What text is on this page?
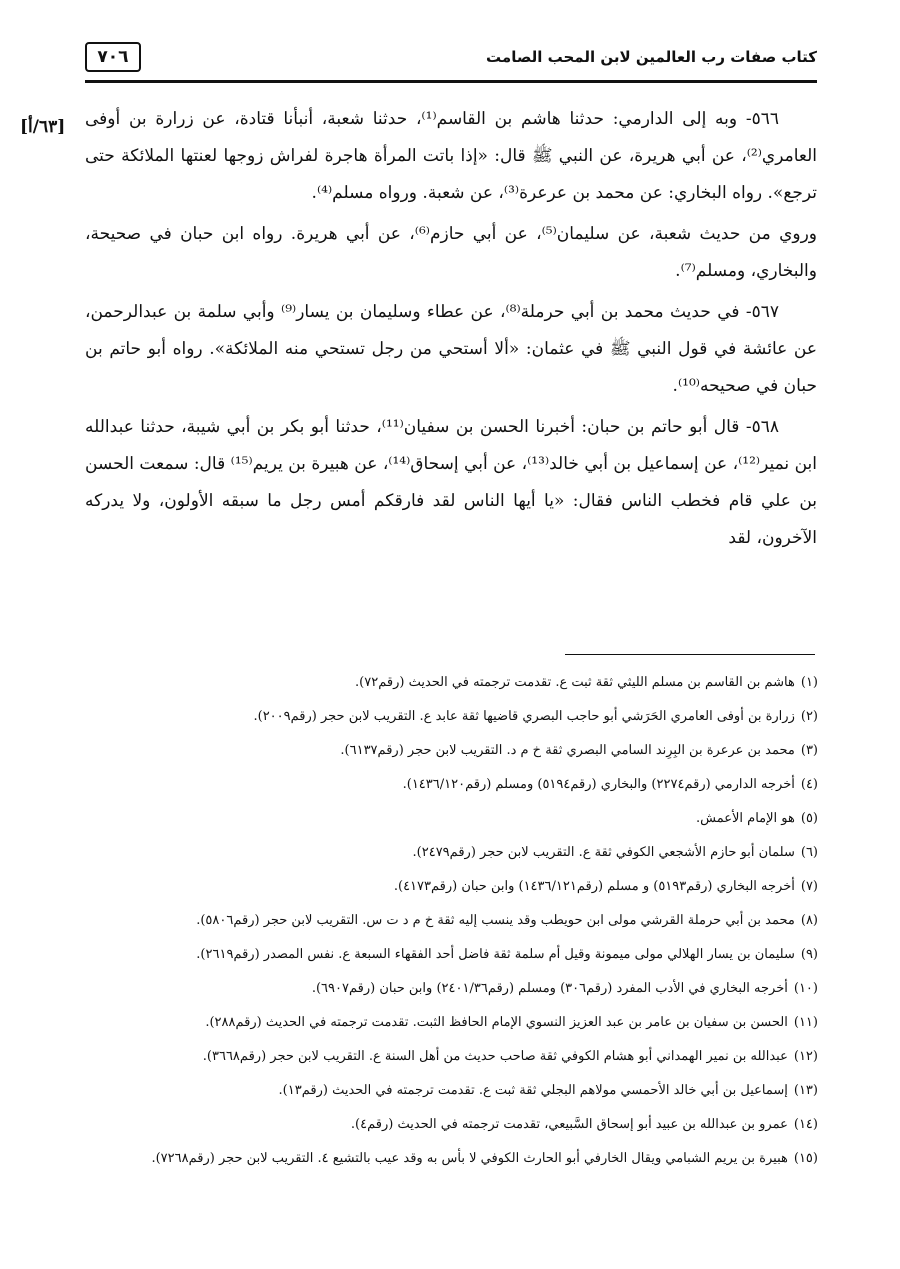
كتاب صفات رب العالمين لابن المحب الصامت
٧٠٦
[٦٣/أ] ٥٦٦- وبه إلى الدارمي: حدثنا هاشم بن القاسم⁽¹⁾، حدثنا شعبة، أنبأنا قتادة، عن زرارة بن أوفى العامري⁽²⁾، عن أبي هريرة، عن النبي ﷺ قال: «إذا باتت المرأة هاجرة لفراش زوجها لعنتها الملائكة حتى ترجع». رواه البخاري: عن محمد بن عرعرة⁽³⁾، عن شعبة. ورواه مسلم⁽⁴⁾.

وروي من حديث شعبة، عن سليمان⁽⁵⁾، عن أبي حازم⁽⁶⁾، عن أبي هريرة. رواه ابن حبان في صحيحة، والبخاري، ومسلم⁽⁷⁾.

٥٦٧- في حديث محمد بن أبي حرملة⁽⁸⁾، عن عطاء وسليمان بن يسار⁽⁹⁾ وأبي سلمة بن عبدالرحمن، عن عائشة في قول النبي ﷺ في عثمان: «ألا أستحي من رجل تستحي منه الملائكة». رواه أبو حاتم بن حبان في صحيحه⁽¹⁰⁾.

٥٦٨- قال أبو حاتم بن حبان: أخبرنا الحسن بن سفيان⁽¹¹⁾، حدثنا أبو بكر بن أبي شيبة، حدثنا عبدالله ابن نمير⁽¹²⁾، عن إسماعيل بن أبي خالد⁽¹³⁾، عن أبي إسحاق⁽¹⁴⁾، عن هبيرة بن يريم⁽¹⁵⁾ قال: سمعت الحسن بن علي قام فخطب الناس فقال: «يا أيها الناس لقد فارقكم أمس رجل ما سبقه الأولون، ولا يدركه الآخرون، لقد

(١)هاشم بن القاسم بن مسلم الليثي ثقة ثبت ع. تقدمت ترجمته في الحديث (رقم٧٢).
(٢)زرارة بن أوفى العامري الحَرَشي أبو حاجب البصري قاضيها ثقة عابد ع. التقريب لابن حجر (رقم٢٠٠٩).
(٣)محمد بن عرعرة بن البِرِند السامي البصري ثقة خ م د. التقريب لابن حجر (رقم٦١٣٧).
(٤)أخرجه الدارمي (رقم٢٢٧٤) والبخاري (رقم٥١٩٤) ومسلم (رقم١٤٣٦/١٢٠).
(٥)هو الإمام الأعمش.
(٦)سلمان أبو حازم الأشجعي الكوفي ثقة ع. التقريب لابن حجر (رقم٢٤٧٩).
(٧)أخرجه البخاري (رقم٥١٩٣) و مسلم (رقم١٤٣٦/١٢١) وابن حبان (رقم٤١٧٣).
(٨)محمد بن أبي حرملة القرشي مولى ابن حويطب وقد ينسب إليه ثقة خ م د ت س. التقريب لابن حجر (رقم٥٨٠٦).
(٩)سليمان بن يسار الهلالي مولى ميمونة وقيل أم سلمة ثقة فاضل أحد الفقهاء السبعة ع. نفس المصدر (رقم٢٦١٩).
(١٠)أخرجه البخاري في الأدب المفرد (رقم٣٠٦) ومسلم (رقم٢٤٠١/٣٦) وابن حبان (رقم٦٩٠٧).
(١١)الحسن بن سفيان بن عامر بن عبد العزيز النسوي الإمام الحافظ الثبت. تقدمت ترجمته في الحديث (رقم٢٨٨).
(١٢)عبدالله بن نمير الهمداني أبو هشام الكوفي ثقة صاحب حديث من أهل السنة ع. التقريب لابن حجر (رقم٣٦٦٨).
(١٣)إسماعيل بن أبي خالد الأحمسي مولاهم البجلي ثقة ثبت ع. تقدمت ترجمته في الحديث (رقم١٣).
(١٤)عمرو بن عبدالله بن عبيد أبو إسحاق السَّبيعي، تقدمت ترجمته في الحديث (رقم٤).
(١٥)هبيرة بن يريم الشبامي ويقال الخارفي أبو الحارث الكوفي لا بأس به وقد عيب بالتشيع ٤. التقريب لابن حجر (رقم٧٢٦٨).
